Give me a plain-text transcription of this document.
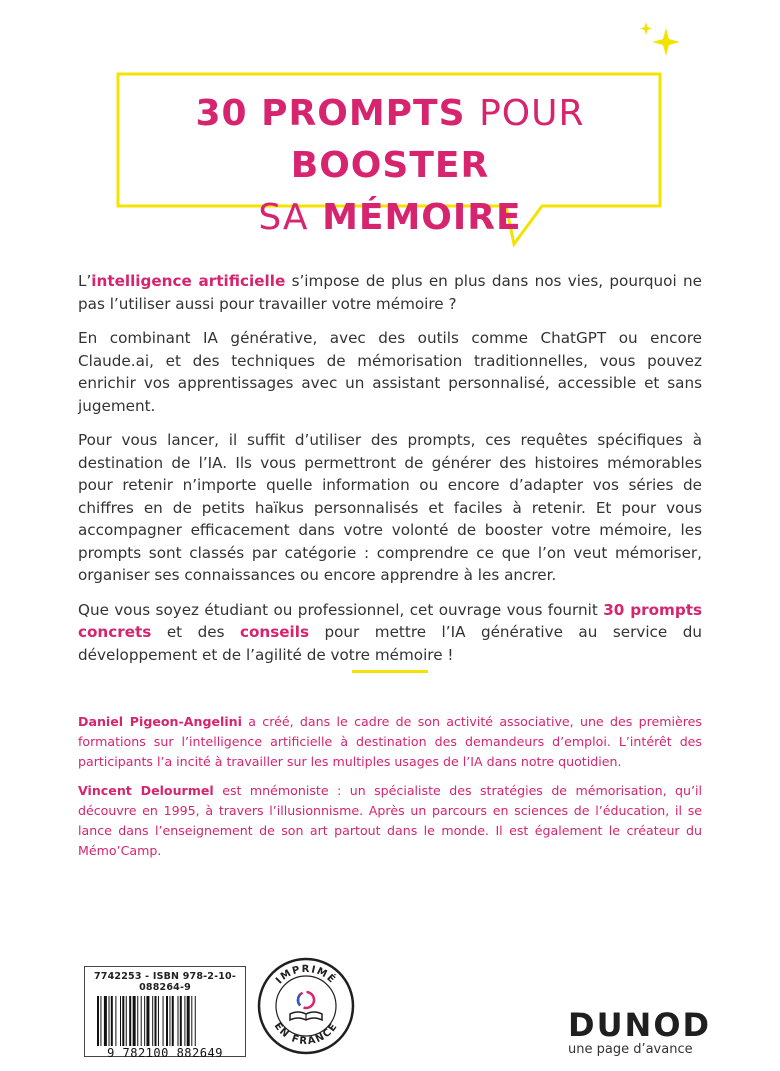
30 PROMPTS POUR BOOSTER
SA MÉMOIRE

L’intelligence artificielle s’impose de plus en plus dans nos vies, pourquoi ne pas l’utiliser aussi pour travailler votre mémoire ?

En combinant IA générative, avec des outils comme ChatGPT ou encore Claude.ai, et des techniques de mémorisation traditionnelles, vous pouvez enrichir vos apprentissages avec un assistant personnalisé, accessible et sans jugement.

Pour vous lancer, il suffit d’utiliser des prompts, ces requêtes spécifiques à destination de l’IA. Ils vous permettront de générer des histoires mémorables pour retenir n’importe quelle information ou encore d’adapter vos séries de chiffres en de petits haïkus personnalisés et faciles à retenir. Et pour vous accompagner efficacement dans votre volonté de booster votre mémoire, les prompts sont classés par catégorie : comprendre ce que l’on veut mémoriser, organiser ses connaissances ou encore apprendre à les ancrer.

Que vous soyez étudiant ou professionnel, cet ouvrage vous fournit 30 prompts concrets et des conseils pour mettre l’IA générative au service du développement et de l’agilité de votre mémoire !

Daniel Pigeon-Angelini a créé, dans le cadre de son activité associative, une des premières formations sur l’intelligence artificielle à destination des demandeurs d’emploi. L’intérêt des participants l’a incité à travailler sur les multiples usages de l’IA dans notre quotidien.

Vincent Delourmel est mnémoniste : un spécialiste des stratégies de mémorisation, qu’il découvre en 1995, à travers l’illusionnisme. Après un parcours en sciences de l’éducation, il se lance dans l’enseignement de son art partout dans le monde. Il est également le créateur du Mémo’Camp.

7742253 - ISBN 978-2-10-088264-9
9 782100 882649
IMPRIMÉ
EN FRANCE	DUNOD
une page d’avance
